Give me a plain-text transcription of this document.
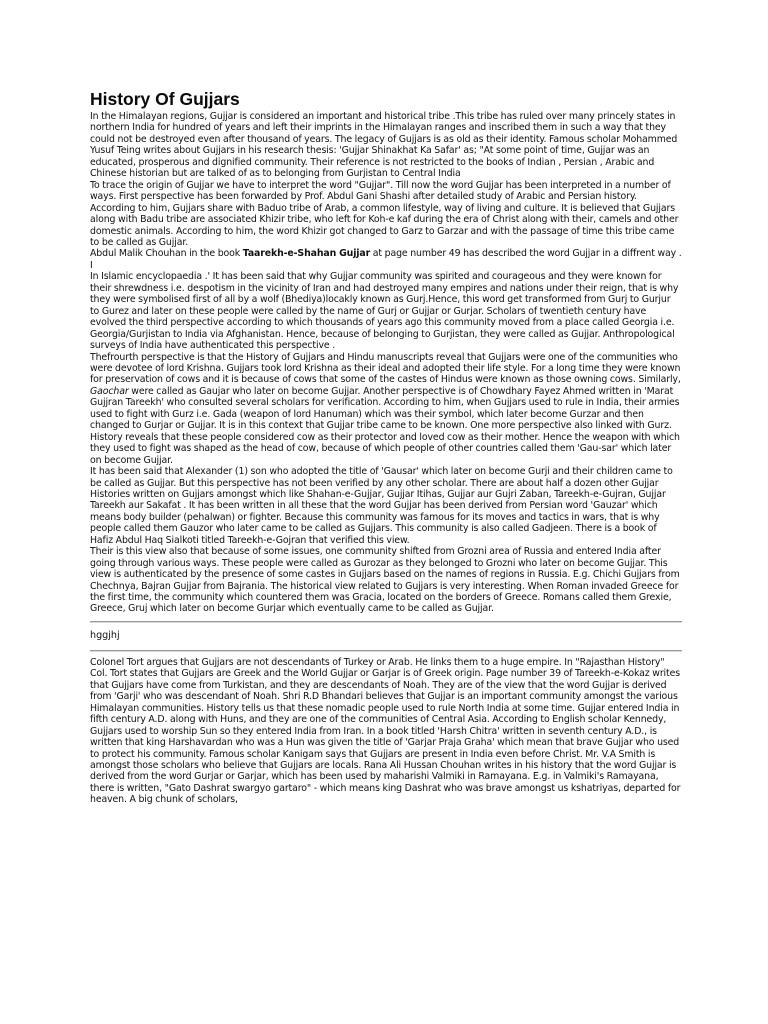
History Of Gujjars

In the Himalayan regions, Gujjar is considered an important and historical tribe .This tribe has ruled over many princely states in northern India for hundred of years and left their imprints in the Himalayan ranges and inscribed them in such a way that they could not be destroyed even after thousand of years. The legacy of Gujjars is as old as their identity. Famous scholar Mohammed Yusuf Teing writes about Gujjars in his research thesis: 'Gujjar Shinakhat Ka Safar' as; "At some point of time, Gujjar was an educated, prosperous and dignified community. Their reference is not restricted to the books of Indian , Persian , Arabic and Chinese historian but are talked of as to belonging from Gurjistan to Central India

To trace the origin of Gujjar we have to interpret the word "Gujjar". Till now the word Gujjar has been interpreted in a number of ways. First perspective has been forwarded by Prof. Abdul Gani Shashi after detailed study of Arabic and Persian history. According to him, Gujjars share with Baduo tribe of Arab, a common lifestyle, way of living and culture. It is believed that Gujjars along with Badu tribe are associated Khizir tribe, who left for Koh-e kaf during the era of Christ along with their, camels and other domestic animals. According to him, the word Khizir got changed to Garz to Garzar and with the passage of time this tribe came to be called as Gujjar.

Abdul Malik Chouhan in the book Taarekh-e-Shahan Gujjar at page number 49 has described the word Gujjar in a diffrent way . I

In Islamic encyclopaedia .' It has been said that why Gujjar community was spirited and courageous and they were known for their shrewdness i.e. despotism in the vicinity of Iran and had destroyed many empires and nations under their reign, that is why they were symbolised first of all by a wolf (Bhediya)locakly known as Gurj.Hence, this word get transformed from Gurj to Gurjur to Gurez and later on these people were called by the name of Gurj or Gujjar or Gurjar. Scholars of twentieth century have evolved the third perspective according to which thousands of years ago this community moved from a place called Georgia i.e. Georgia/Gurjistan to India via Afghanistan. Hence, because of belonging to Gurjistan, they were called as Gujjar. Anthropological surveys of India have authenticated this perspective .

Thefrourth perspective is that the History of Gujjars and Hindu manuscripts reveal that Gujjars were one of the communities who were devotee of lord Krishna. Gujjars took lord Krishna as their ideal and adopted their life style. For a long time they were known for preservation of cows and it is because of cows that some of the castes of Hindus were known as those owning cows. Similarly, Gaochar were called as Gaujar who later on become Gujjar. Another perspective is of Chowdhary Fayez Ahmed written in 'Marat Gujjran Tareekh' who consulted several scholars for verification. According to him, when Gujjars used to rule in India, their armies used to fight with Gurz i.e. Gada (weapon of lord Hanuman) which was their symbol, which later become Gurzar and then changed to Gurjar or Gujjar. It is in this context that Gujjar tribe came to be known. One more perspective also linked with Gurz. History reveals that these people considered cow as their protector and loved cow as their mother. Hence the weapon with which they used to fight was shaped as the head of cow, because of which people of other countries called them 'Gau-sar' which later on become Gujjar.

It has been said that Alexander (1) son who adopted the title of 'Gausar' which later on become Gurji and their children came to be called as Gujjar. But this perspective has not been verified by any other scholar. There are about half a dozen other Gujjar Histories written on Gujjars amongst which like Shahan-e-Gujjar, Gujjar Itihas, Gujjar aur Gujri Zaban, Tareekh-e-Gujran, Gujjar Tareekh aur Sakafat . It has been written in all these that the word Gujjar has been derived from Persian word 'Gauzar' which means body builder (pehalwan) or fighter. Because this community was famous for its moves and tactics in wars, that is why people called them Gauzor who later came to be called as Gujjars. This community is also called Gadjeen. There is a book of Hafiz Abdul Haq Sialkoti titled Tareekh-e-Gojran that verified this view.

Their is this view also that because of some issues, one community shifted from Grozni area of Russia and entered India after going through various ways. These people were called as Gurozar as they belonged to Grozni who later on become Gujjar. This view is authenticated by the presence of some castes in Gujjars based on the names of regions in Russia. E.g. Chichi Gujjars from Chechnya, Bajran Gujjar from Bajrania. The historical view related to Gujjars is very interesting. When Roman invaded Greece for the first time, the community which countered them was Gracia, located on the borders of Greece. Romans called them Grexie, Greece, Gruj which later on become Gurjar which eventually came to be called as Gujjar.

hggjhj

Colonel Tort argues that Gujjars are not descendants of Turkey or Arab. He links them to a huge empire. In "Rajasthan History" Col. Tort states that Gujjars are Greek and the World Gujjar or Garjar is of Greek origin. Page number 39 of Tareekh-e-Kokaz writes that Gujjars have come from Turkistan, and they are descendants of Noah. They are of the view that the word Gujjar is derived from 'Garji' who was descendant of Noah. Shri R.D Bhandari believes that Gujjar is an important community amongst the various Himalayan communities. History tells us that these nomadic people used to rule North India at some time. Gujjar entered India in fifth century A.D. along with Huns, and they are one of the communities of Central Asia. According to English scholar Kennedy, Gujjars used to worship Sun so they entered India from Iran. In a book titled 'Harsh Chitra' written in seventh century A.D., is written that king Harshavardan who was a Hun was given the title of 'Garjar Praja Graha' which mean that brave Gujjar who used to protect his community. Famous scholar Kanigam says that Gujjars are present in India even before Christ. Mr. V.A Smith is amongst those scholars who believe that Gujjars are locals. Rana Ali Hussan Chouhan writes in his history that the word Gujjar is derived from the word Gurjar or Garjar, which has been used by maharishi Valmiki in Ramayana. E.g. in Valmiki's Ramayana, there is written, "Gato Dashrat swargyo gartaro" - which means king Dashrat who was brave amongst us kshatriyas, departed for heaven. A big chunk of scholars,
